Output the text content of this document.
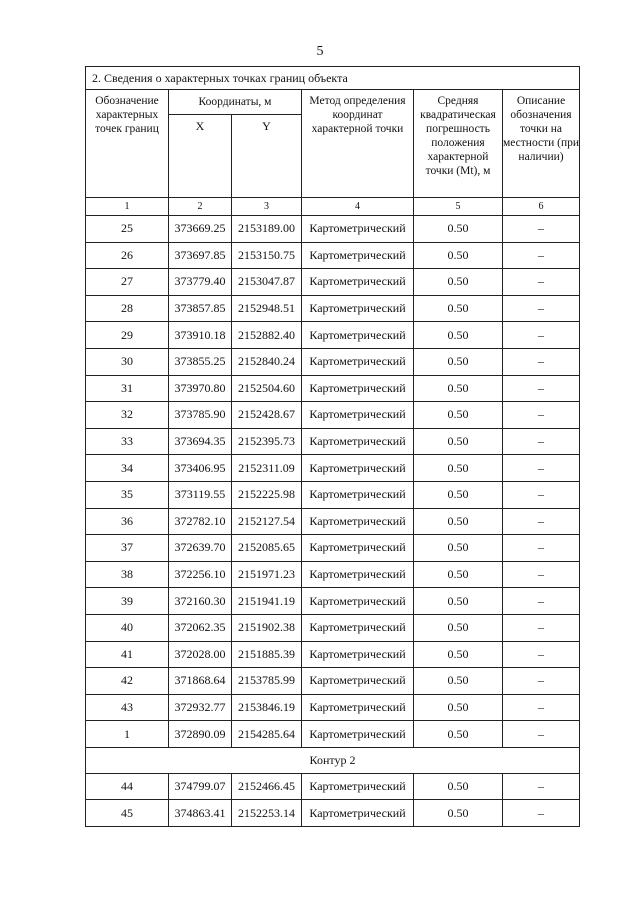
5
2. Сведения о характерных точках границ объекта					
Обозначение характерных точек границ	Координаты, м		Метод определения координат характерной точки	Средняя квадратическая погрешность положения характерной точки (Mt), м	Описание обозначения точки на местности (при наличии)
	X	Y			
1	2	3	4	5	6
25	373669.25	2153189.00	Картометрический	0.50	–
26	373697.85	2153150.75	Картометрический	0.50	–
27	373779.40	2153047.87	Картометрический	0.50	–
28	373857.85	2152948.51	Картометрический	0.50	–
29	373910.18	2152882.40	Картометрический	0.50	–
30	373855.25	2152840.24	Картометрический	0.50	–
31	373970.80	2152504.60	Картометрический	0.50	–
32	373785.90	2152428.67	Картометрический	0.50	–
33	373694.35	2152395.73	Картометрический	0.50	–
34	373406.95	2152311.09	Картометрический	0.50	–
35	373119.55	2152225.98	Картометрический	0.50	–
36	372782.10	2152127.54	Картометрический	0.50	–
37	372639.70	2152085.65	Картометрический	0.50	–
38	372256.10	2151971.23	Картометрический	0.50	–
39	372160.30	2151941.19	Картометрический	0.50	–
40	372062.35	2151902.38	Картометрический	0.50	–
41	372028.00	2151885.39	Картометрический	0.50	–
42	371868.64	2153785.99	Картометрический	0.50	–
43	372932.77	2153846.19	Картометрический	0.50	–
1	372890.09	2154285.64	Картометрический	0.50	–
Контур 2					
44	374799.07	2152466.45	Картометрический	0.50	–
45	374863.41	2152253.14	Картометрический	0.50	–
